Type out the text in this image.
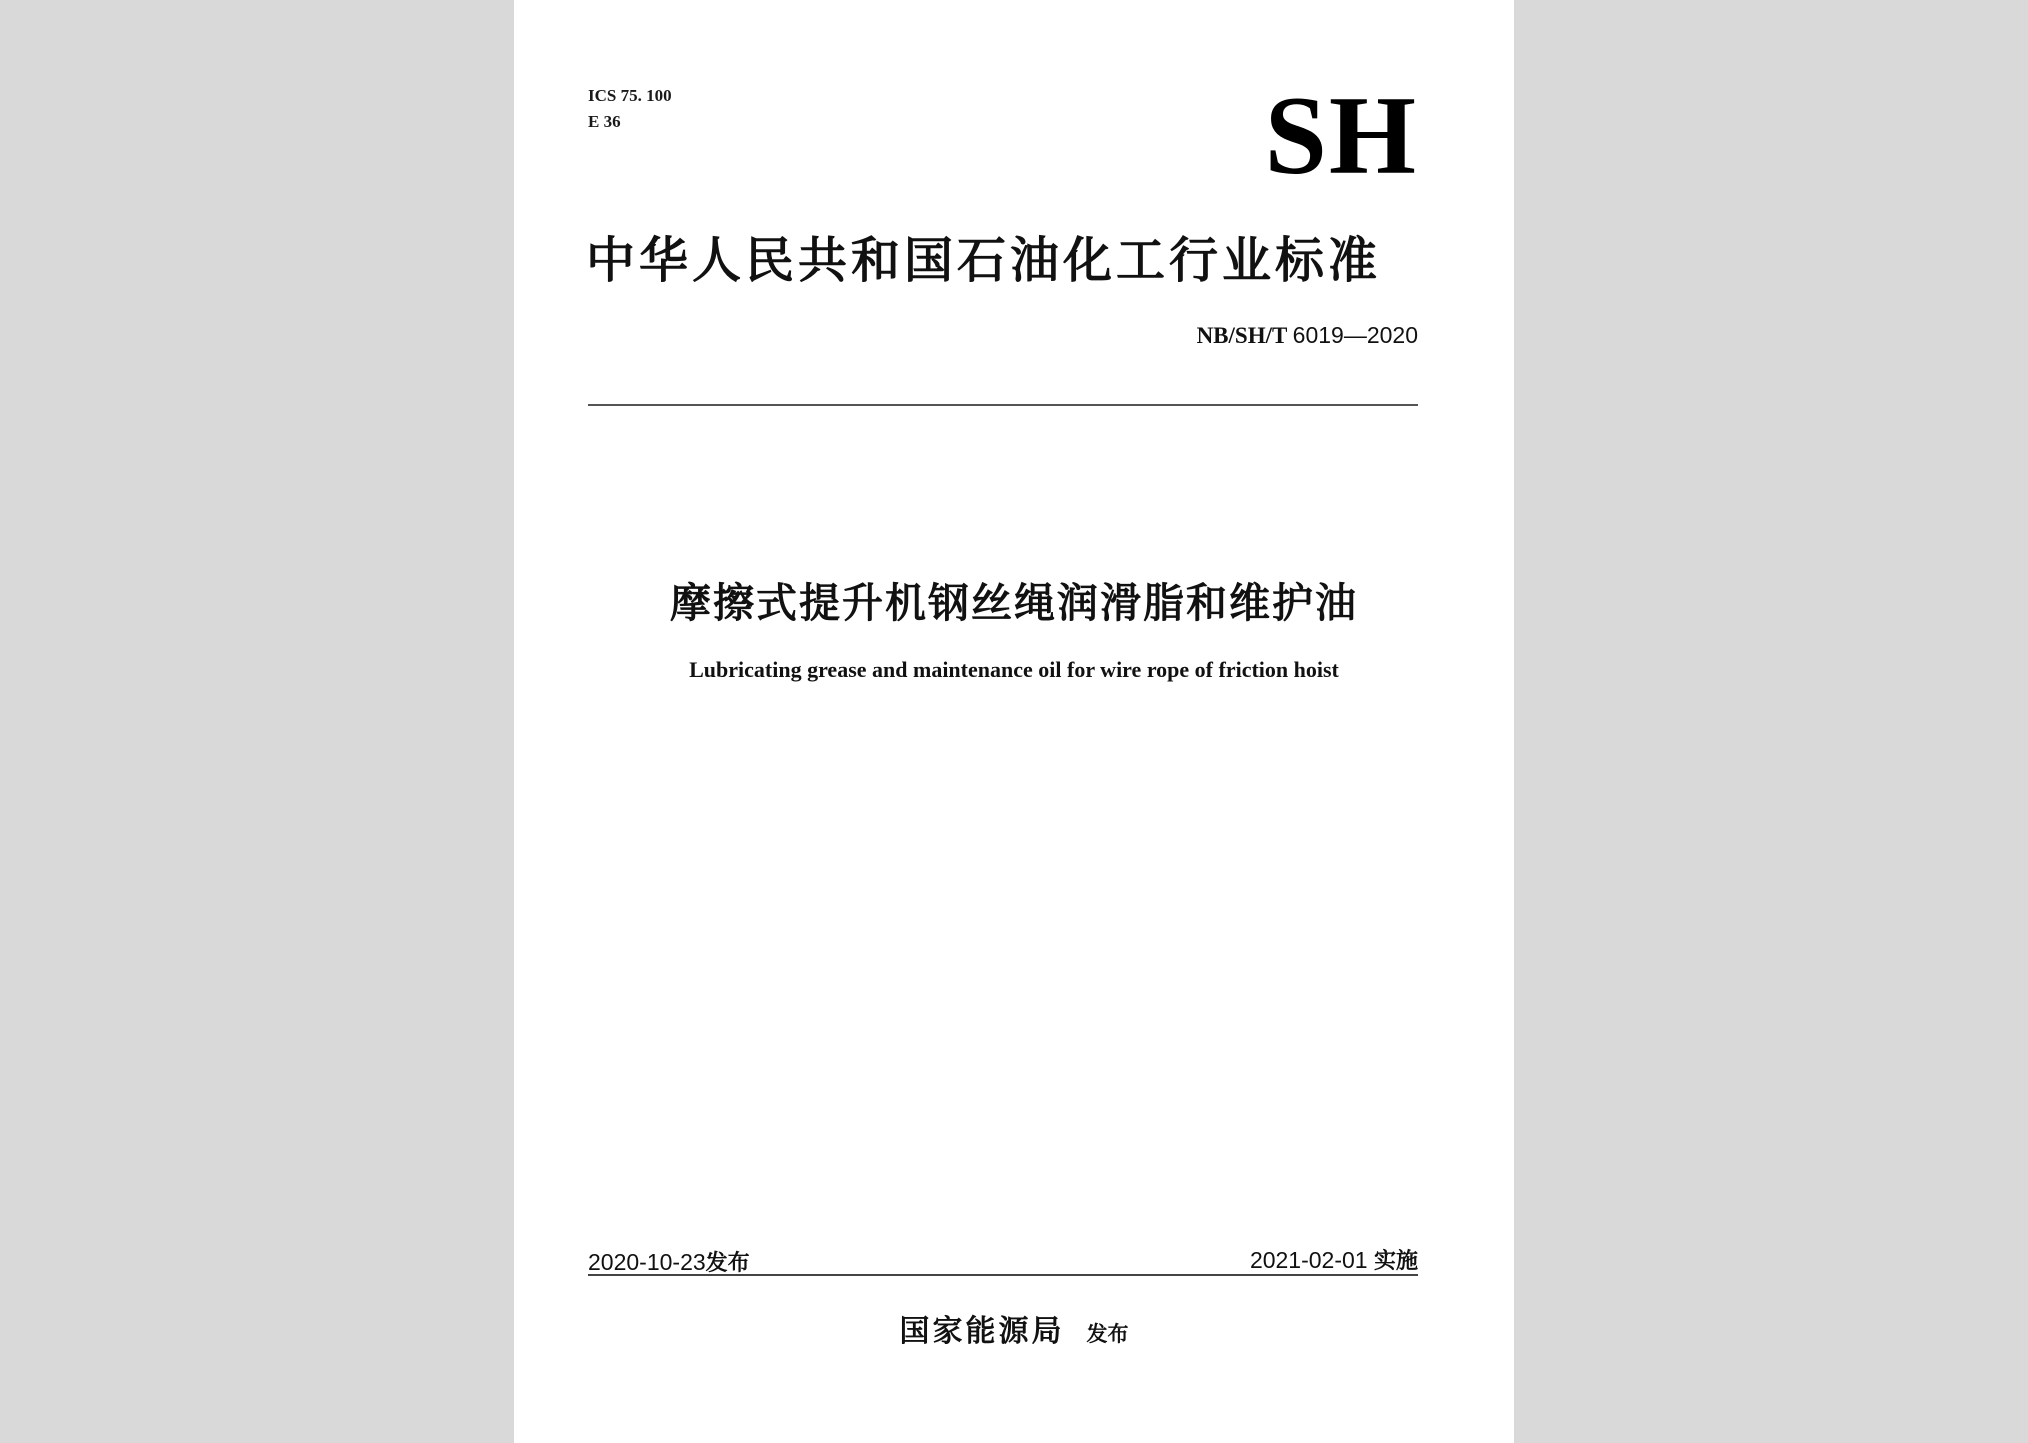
ICS 75. 100
E 36	SH
中华人民共和国石油化工行业标准
NB/SH/T 6019—2020
摩擦式提升机钢丝绳润滑脂和维护油
Lubricating grease and maintenance oil for wire rope of friction hoist
2020-10-23发布	2021-02-01 实施
国家能源局 发布
